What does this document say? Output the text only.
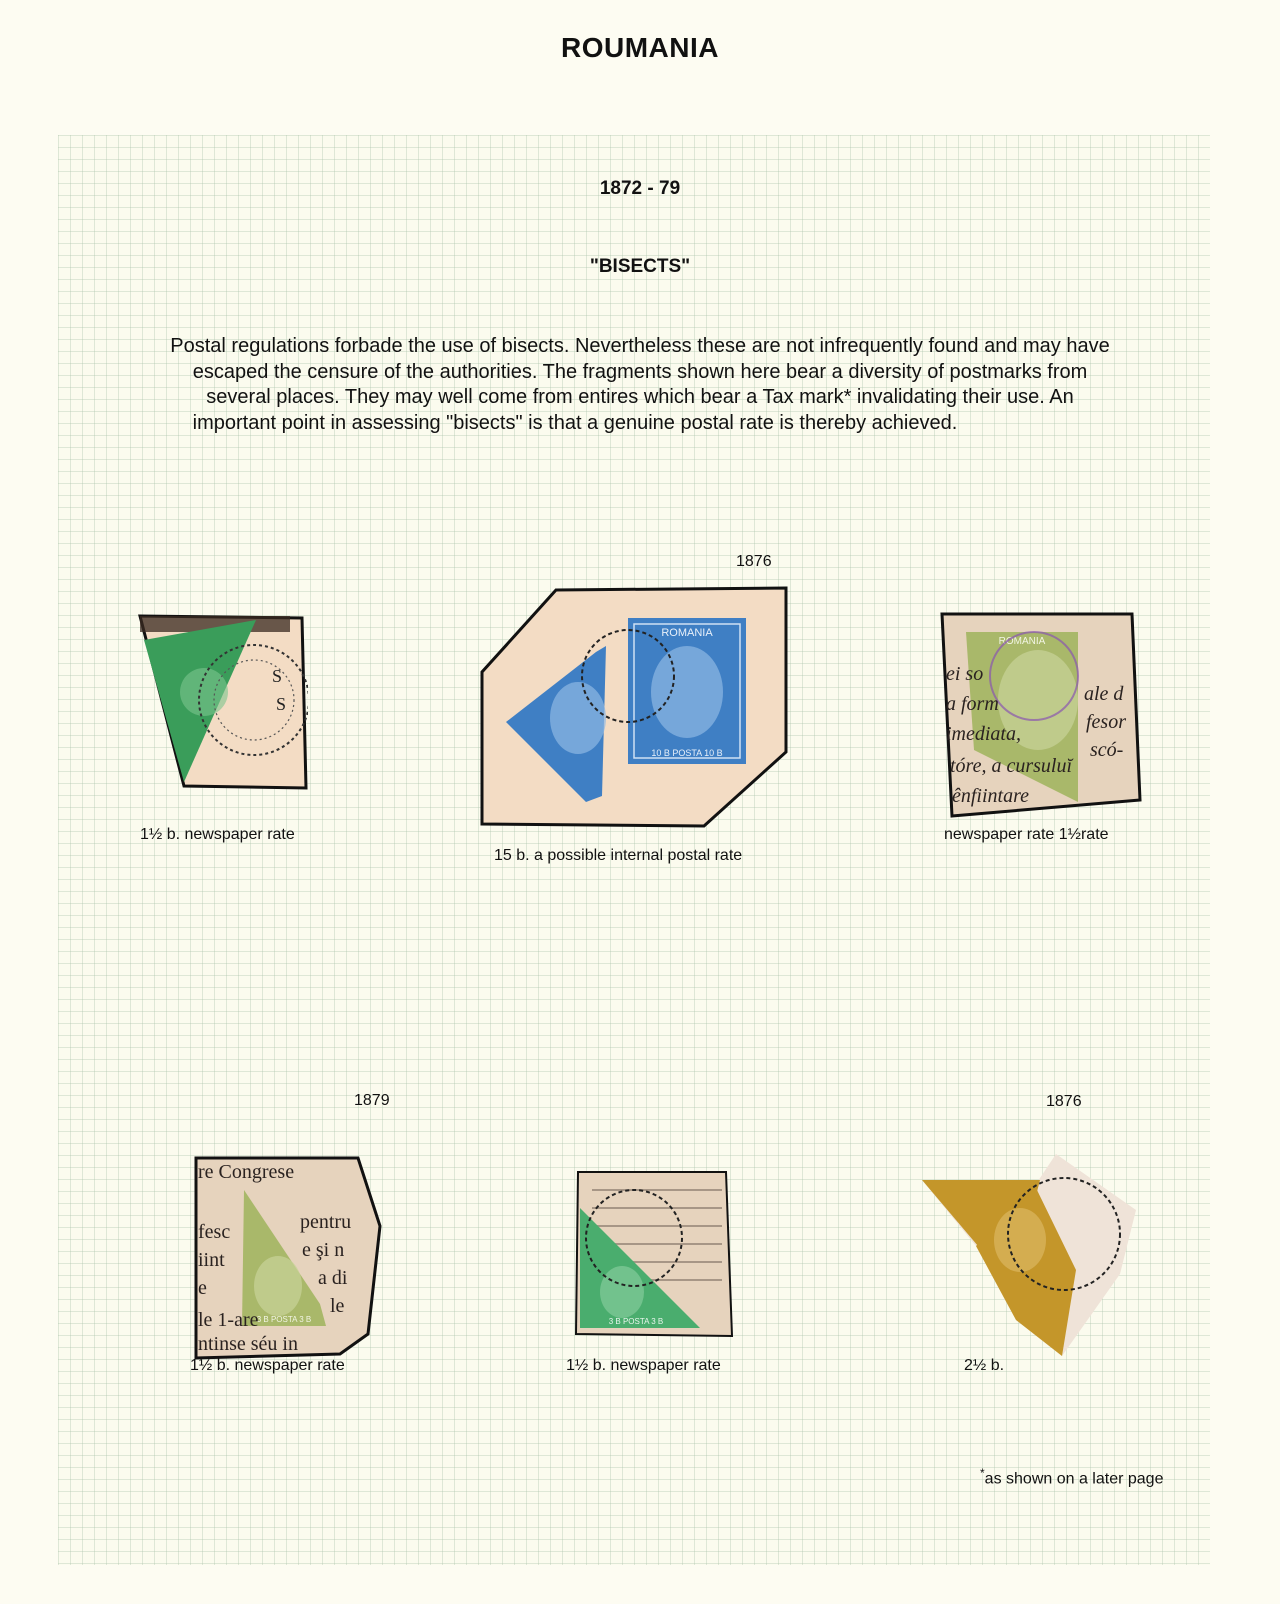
ROUMANIA
1872 - 79
"BISECTS"
Postal regulations forbade the use of bisects. Nevertheless these are not infrequently found and may have
escaped the censure of the authorities. The fragments shown here bear a diversity of postmarks from
several places. They may well come from entires which bear a Tax mark* invalidating their use. An
important point in assessing "bisects" is that a genuine postal rate is thereby achieved.
S
S
1½ b. newspaper rate
1876
ROMANIA
10 B POSTA 10 B
15 b. a possible internal postal rate
ROMANIA
ei so
a form
imediata,
tóre, a cursuluĭ
ênfiintare
ale d
fesor
scó-
newspaper rate 1½rate
1879
3 B POSTA 3 B
re Congrese
fesc
iint
e
le 1-are
ntinse séu in
pentru
e şi n
a di
le
1½ b. newspaper rate
3 B POSTA 3 B
1½ b. newspaper rate
1876
2½ b.
*as shown on a later page
